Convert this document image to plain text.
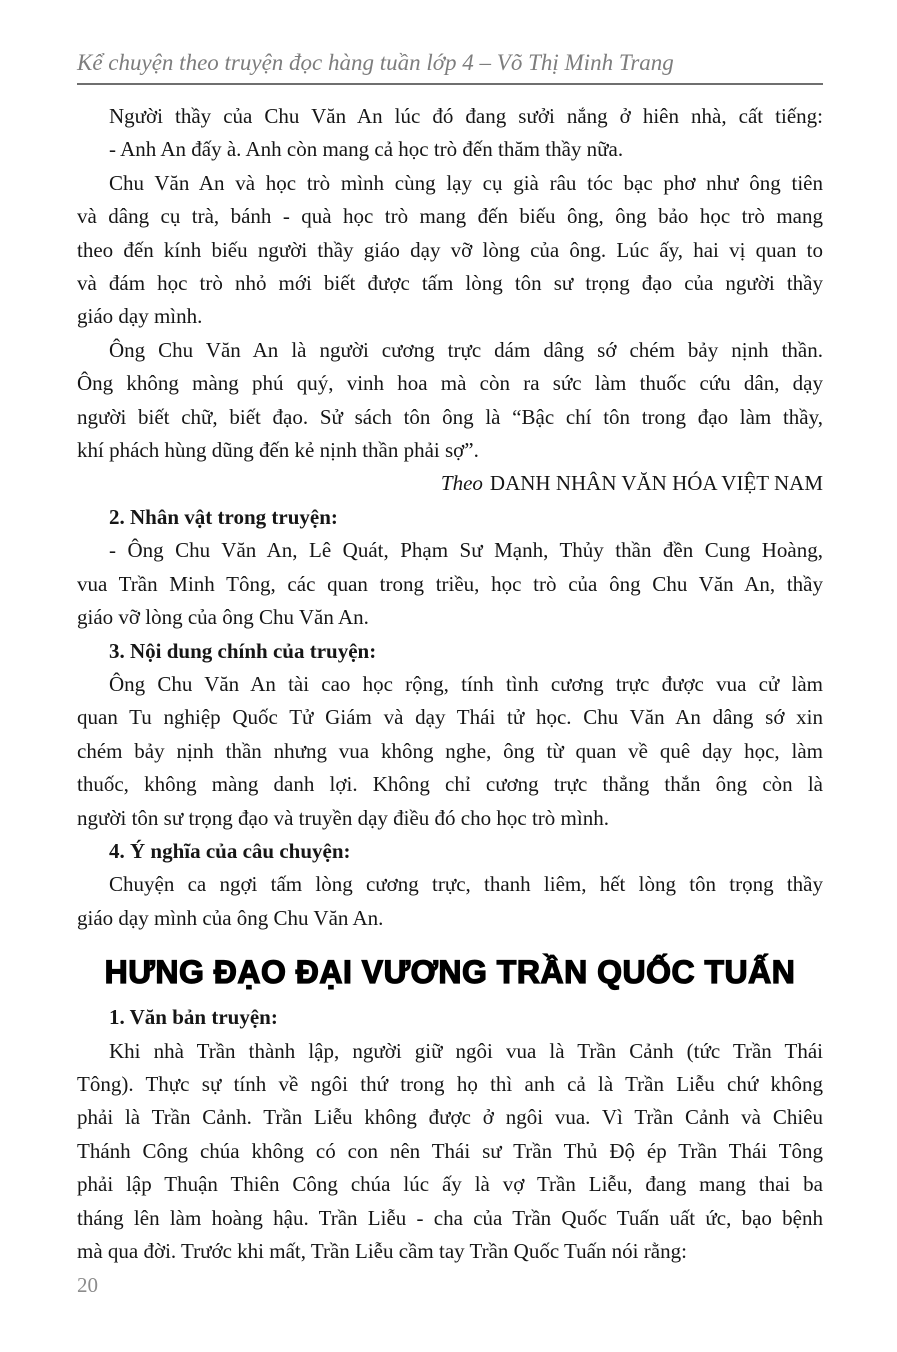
Kể chuyện theo truyện đọc hàng tuần lớp 4 – Võ Thị Minh Trang
Người thầy của Chu Văn An lúc đó đang sưởi nắng ở hiên nhà, cất tiếng:
- Anh An đấy à. Anh còn mang cả học trò đến thăm thầy nữa.
Chu Văn An và học trò mình cùng lạy cụ già râu tóc bạc phơ như ông tiên
và dâng cụ trà, bánh - quà học trò mang đến biếu ông, ông bảo học trò mang
theo đến kính biếu người thầy giáo dạy vỡ lòng của ông. Lúc ấy, hai vị quan to
và đám học trò nhỏ mới biết được tấm lòng tôn sư trọng đạo của người thầy
giáo dạy mình.
Ông Chu Văn An là người cương trực dám dâng sớ chém bảy nịnh thần.
Ông không màng phú quý, vinh hoa mà còn ra sức làm thuốc cứu dân, dạy
người biết chữ, biết đạo. Sử sách tôn ông là “Bậc chí tôn trong đạo làm thầy,
khí phách hùng dũng đến kẻ nịnh thần phải sợ”.
Theo DANH NHÂN VĂN HÓA VIỆT NAM
2. Nhân vật trong truyện:
- Ông Chu Văn An, Lê Quát, Phạm Sư Mạnh, Thủy thần đền Cung Hoàng,
vua Trần Minh Tông, các quan trong triều, học trò của ông Chu Văn An, thầy
giáo vỡ lòng của ông Chu Văn An.
3. Nội dung chính của truyện:
Ông Chu Văn An tài cao học rộng, tính tình cương trực được vua cử làm
quan Tu nghiệp Quốc Tử Giám và dạy Thái tử học. Chu Văn An dâng sớ xin
chém bảy nịnh thần nhưng vua không nghe, ông từ quan về quê dạy học, làm
thuốc, không màng danh lợi. Không chỉ cương trực thẳng thắn ông còn là
người tôn sư trọng đạo và truyền dạy điều đó cho học trò mình.
4. Ý nghĩa của câu chuyện:
Chuyện ca ngợi tấm lòng cương trực, thanh liêm, hết lòng tôn trọng thầy
giáo dạy mình của ông Chu Văn An.
HƯNG ĐẠO ĐẠI VƯƠNG TRẦN QUỐC TUẤN
1. Văn bản truyện:
Khi nhà Trần thành lập, người giữ ngôi vua là Trần Cảnh (tức Trần Thái
Tông). Thực sự tính về ngôi thứ trong họ thì anh cả là Trần Liễu chứ không
phải là Trần Cảnh. Trần Liễu không được ở ngôi vua. Vì Trần Cảnh và Chiêu
Thánh Công chúa không có con nên Thái sư Trần Thủ Độ ép Trần Thái Tông
phải lập Thuận Thiên Công chúa lúc ấy là vợ Trần Liễu, đang mang thai ba
tháng lên làm hoàng hậu. Trần Liễu - cha của Trần Quốc Tuấn uất ức, bạo bệnh
mà qua đời. Trước khi mất, Trần Liễu cầm tay Trần Quốc Tuấn nói rằng:
20
